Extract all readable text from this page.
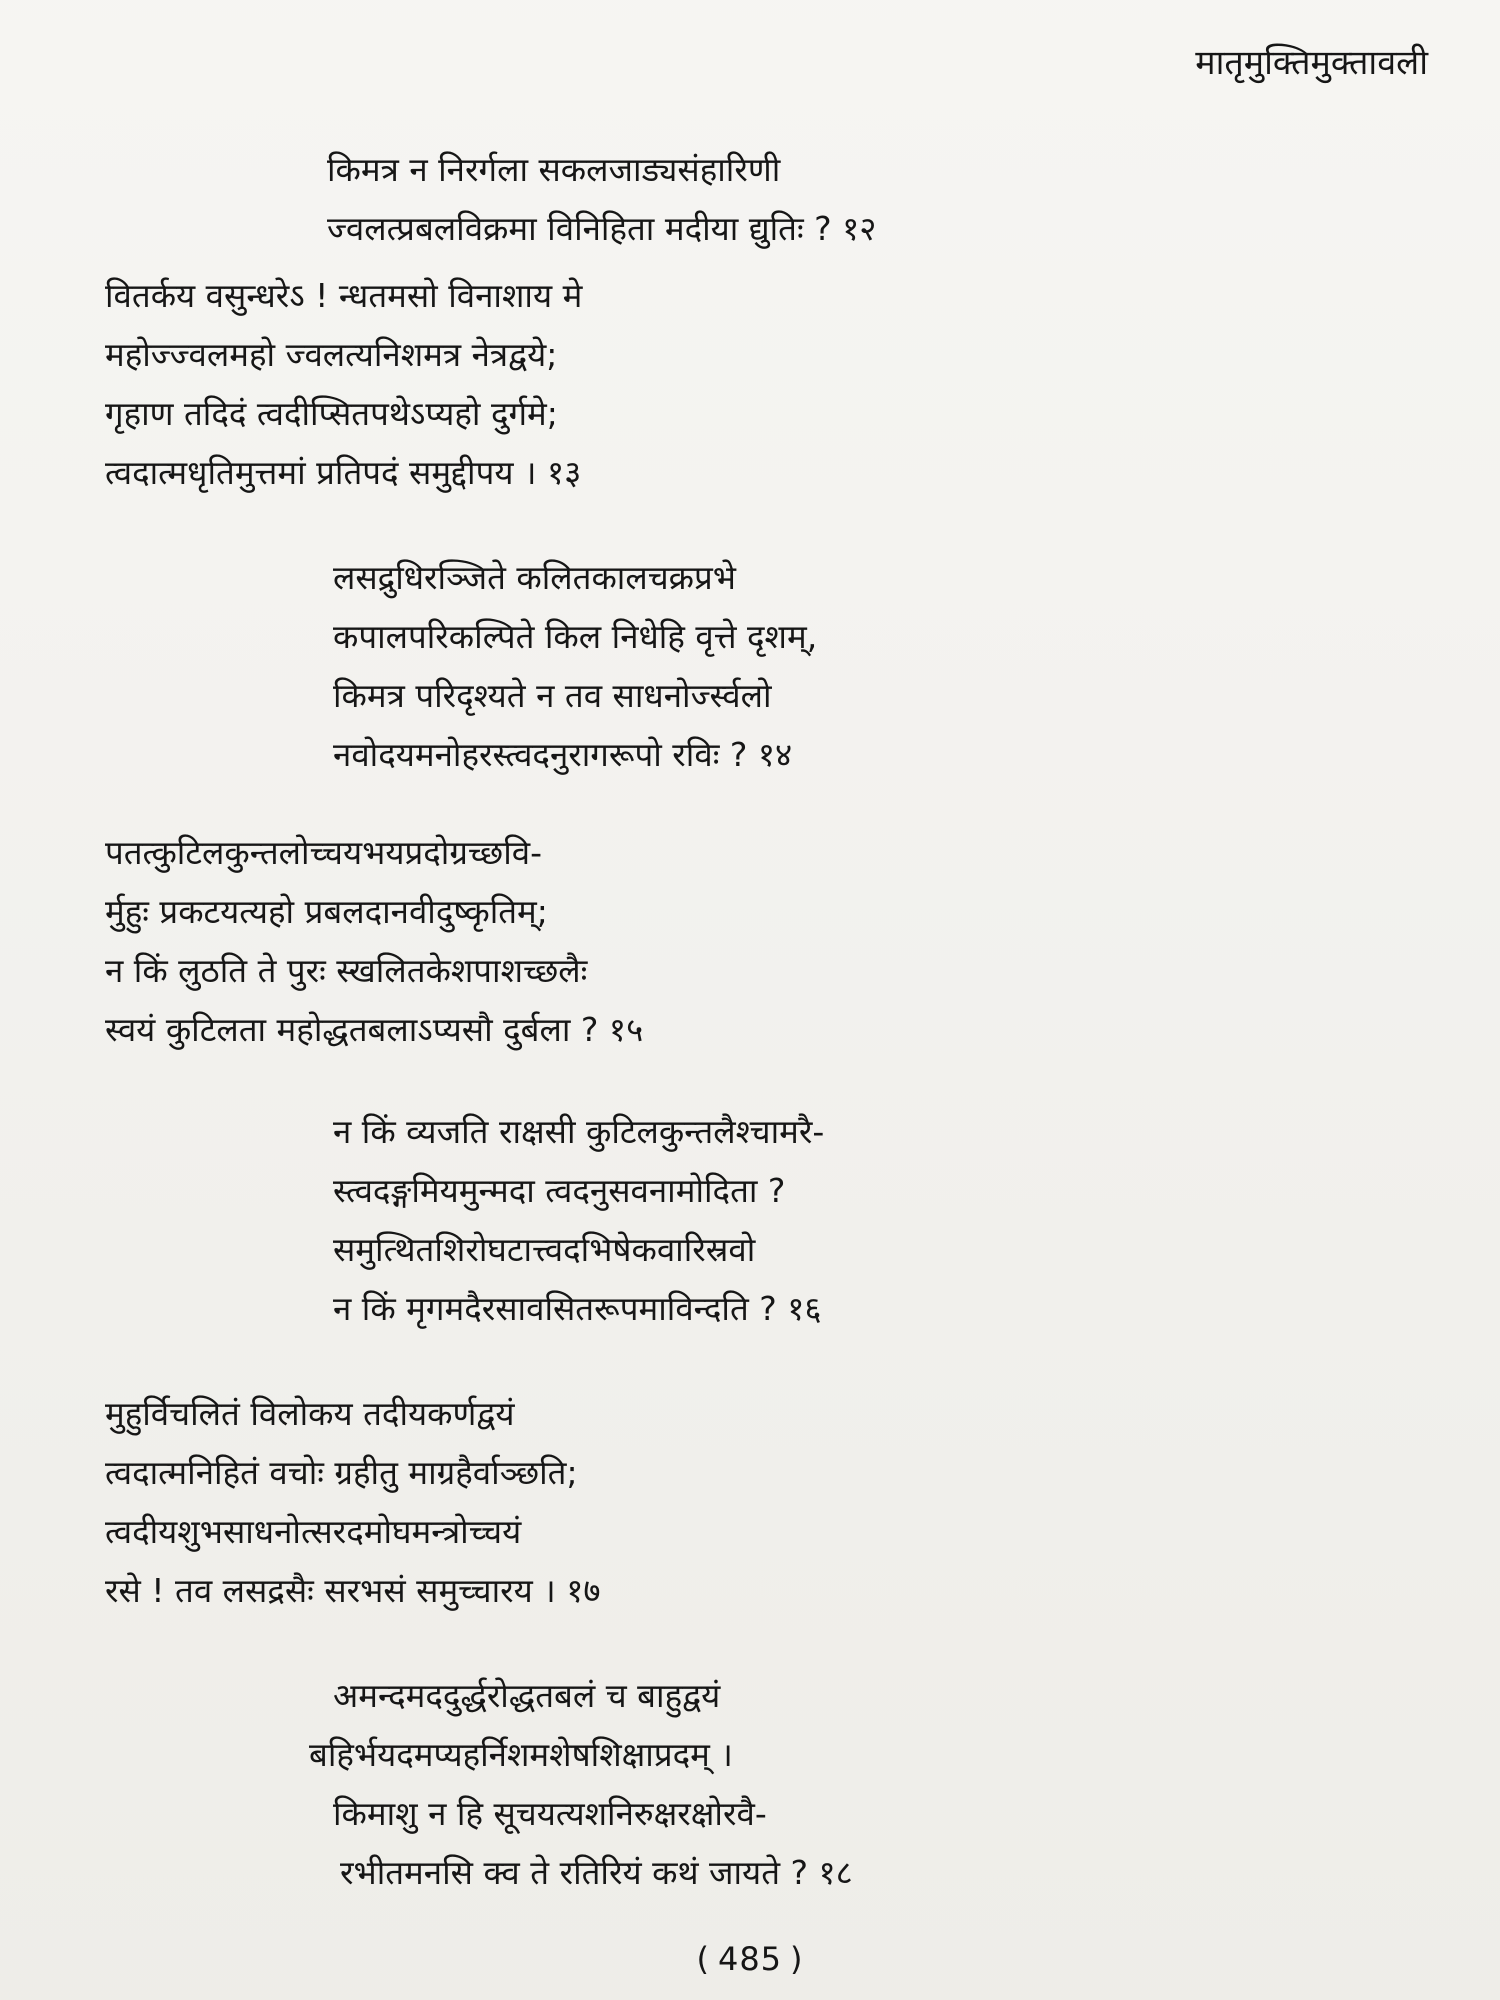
मातृमुक्तिमुक्तावली
किमत्र न निरर्गला सकलजाड्यसंहारिणी
ज्वलत्प्रबलविक्रमा विनिहिता मदीया द्युतिः ? १२
वितर्कय वसुन्धरेऽ ! न्धतमसो विनाशाय मे
महोज्ज्वलमहो ज्वलत्यनिशमत्र नेत्रद्वये;
गृहाण तदिदं त्वदीप्सितपथेऽप्यहो दुर्गमे;
त्वदात्मधृतिमुत्तमां प्रतिपदं समुद्दीपय । १३
लसद्रुधिरञ्जिते कलितकालचक्रप्रभे
कपालपरिकल्पिते किल निधेहि वृत्ते दृशम्,
किमत्र परिदृश्यते न तव साधनोर्ज्स्वलो
नवोदयमनोहरस्त्वदनुरागरूपो रविः ? १४
पतत्कुटिलकुन्तलोच्चयभयप्रदोग्रच्छवि-
र्मुहुः प्रकटयत्यहो प्रबलदानवीदुष्कृतिम्;
न किं लुठति ते पुरः स्खलितकेशपाशच्छलैः
स्वयं कुटिलता महोद्धतबलाऽप्यसौ दुर्बला ? १५
न किं व्यजति राक्षसी कुटिलकुन्तलैश्चामरै-
स्त्वदङ्गमियमुन्मदा त्वदनुसवनामोदिता ?
समुत्थितशिरोघटात्त्वदभिषेकवारिस्रवो
न किं मृगमदैरसावसितरूपमाविन्दति ? १६
मुहुर्विचलितं विलोकय तदीयकर्णद्वयं
त्वदात्मनिहितं वचोः ग्रहीतु माग्रहैर्वाञ्छति;
त्वदीयशुभसाधनोत्सरदमोघमन्त्रोच्चयं
रसे ! तव लसद्रसैः सरभसं समुच्चारय । १७
अमन्दमददुर्द्धरोद्धतबलं च बाहुद्वयं
बहिर्भयदमप्यहर्निशमशेषशिक्षाप्रदम् ।
किमाशु न हि सूचयत्यशनिरुक्षरक्षोरवै-
रभीतमनसि क्व ते रतिरियं कथं जायते ? १८
( 485 )
